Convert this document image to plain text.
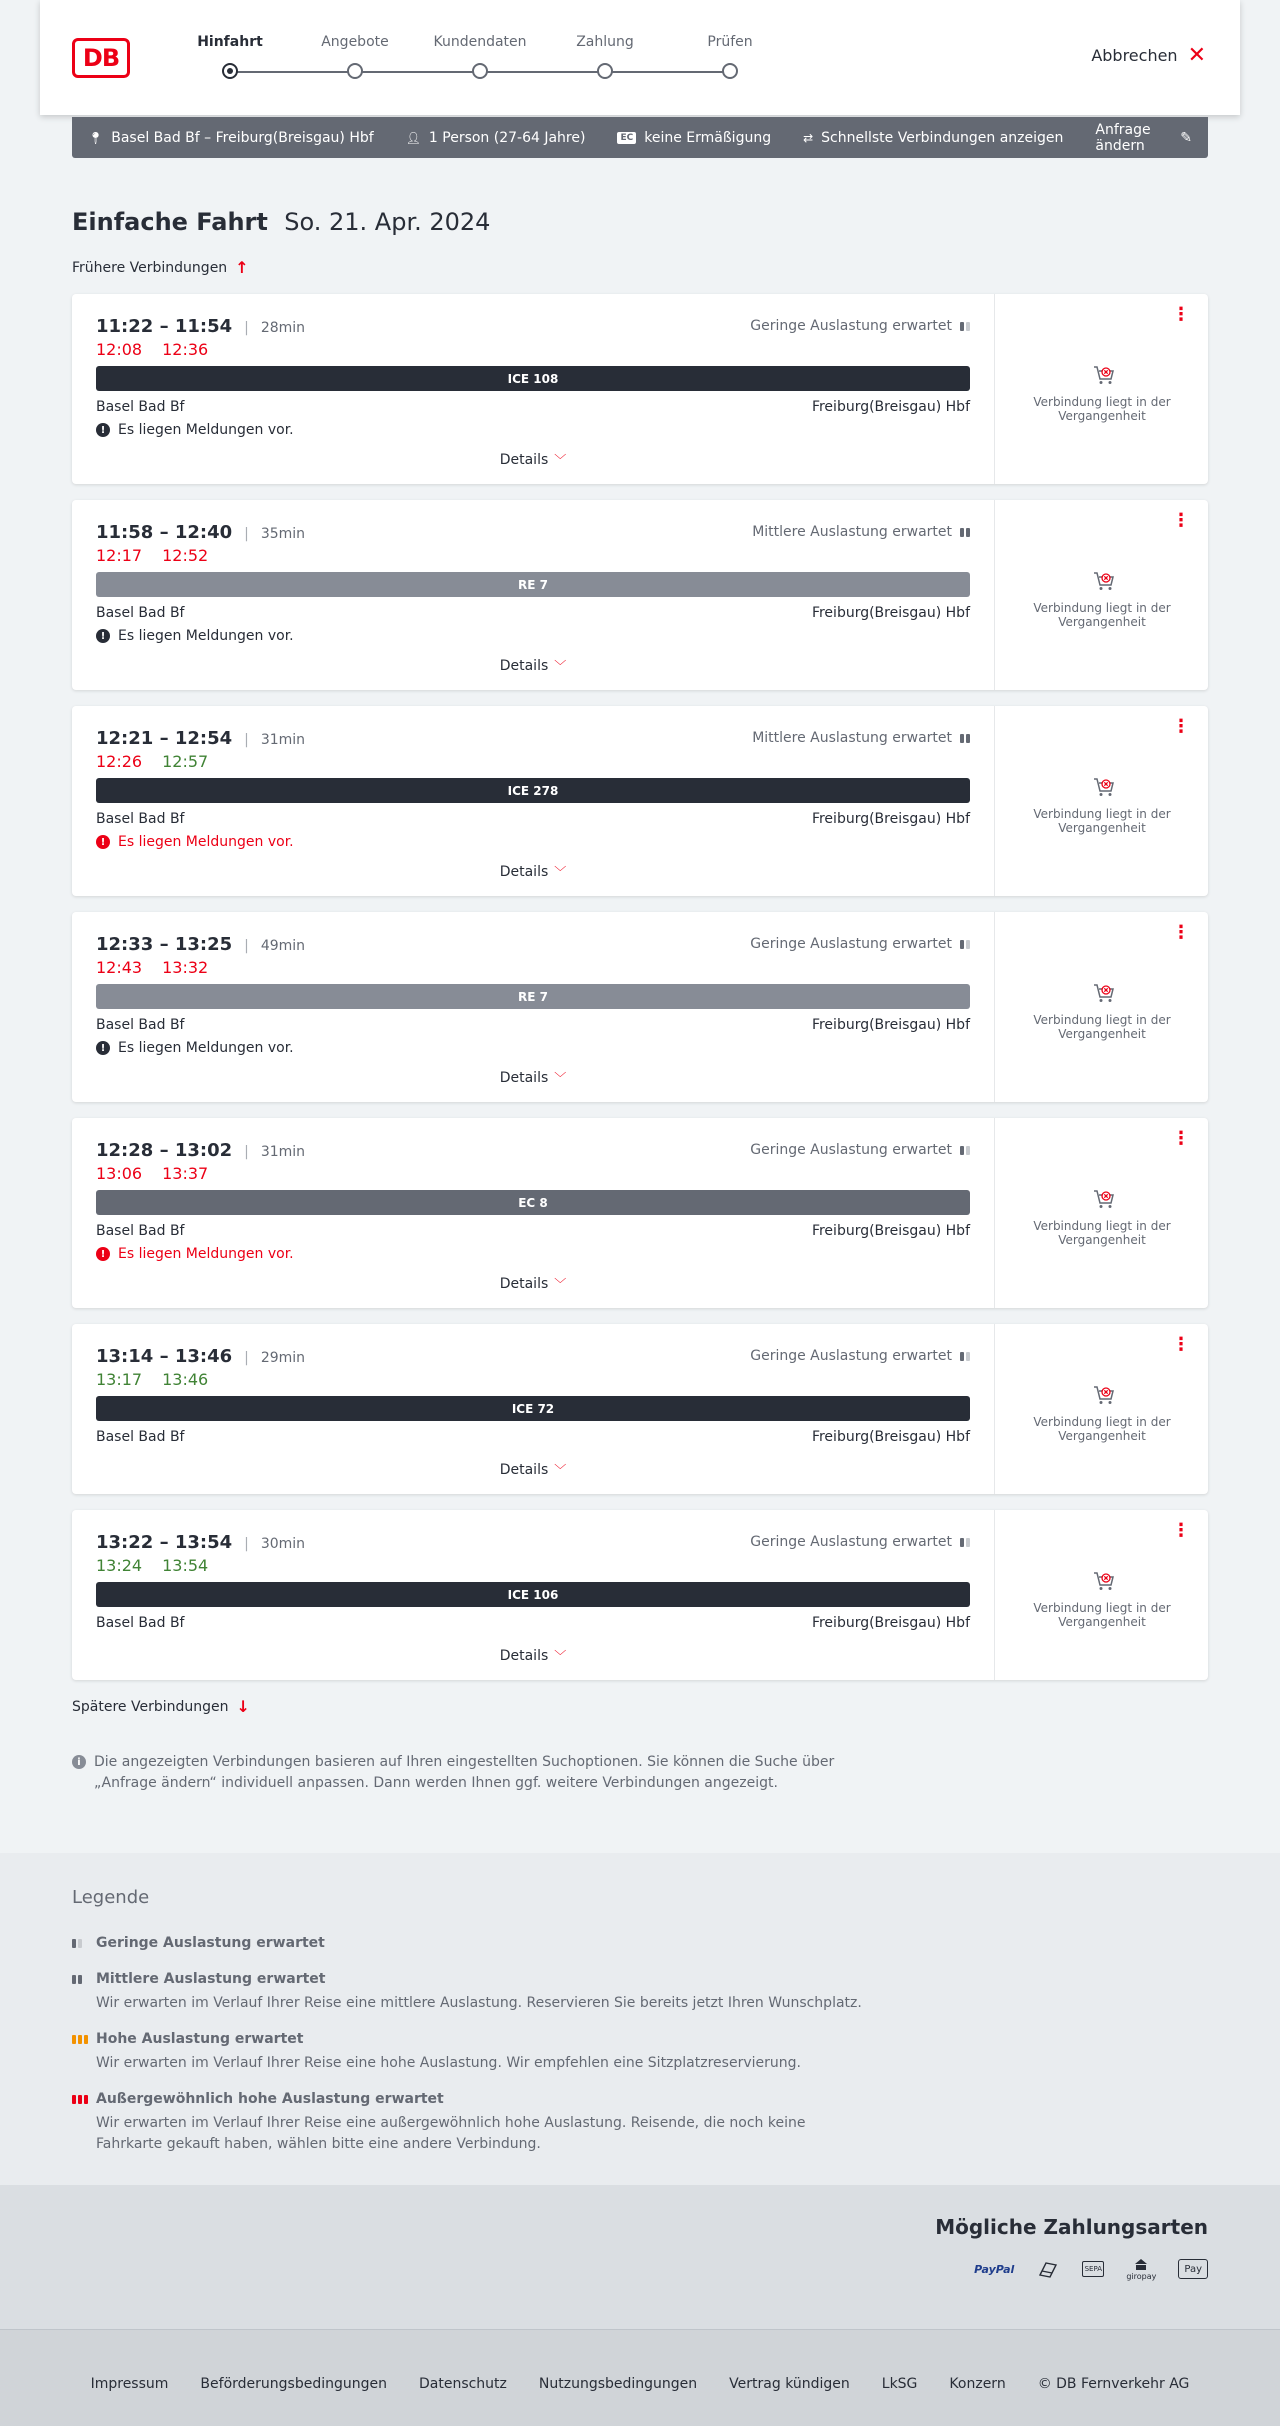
DB
Hinfahrt	Angebote	Kundendaten	Zahlung	Prüfen
Abbrechen ✕
📍︎ Basel Bad Bf – Freiburg(Breisgau) Hbf	👤︎ 1 Person (27-64 Jahre)	EC keine Ermäßigung	⇄ Schnellste Verbindungen anzeigen Anfrage ändern	✎
Einfache Fahrt So. 21. Apr. 2024
Frühere Verbindungen ↑
11:22 – 11:54 | 28min	Geringe Auslastung erwartet
12:08 12:36
ICE 108
Basel Bad Bf	Freiburg(Breisgau) Hbf
! Es liegen Meldungen vor.
Details ﹀
⋮
Verbindung liegt in der Vergangenheit
11:58 – 12:40 | 35min	Mittlere Auslastung erwartet
12:17 12:52
RE 7
Basel Bad Bf	Freiburg(Breisgau) Hbf
! Es liegen Meldungen vor.
Details ﹀
⋮
Verbindung liegt in der Vergangenheit
12:21 – 12:54 | 31min	Mittlere Auslastung erwartet
12:26 12:57
ICE 278
Basel Bad Bf	Freiburg(Breisgau) Hbf
! Es liegen Meldungen vor.
Details ﹀
⋮
Verbindung liegt in der Vergangenheit
12:33 – 13:25 | 49min	Geringe Auslastung erwartet
12:43 13:32
RE 7
Basel Bad Bf	Freiburg(Breisgau) Hbf
! Es liegen Meldungen vor.
Details ﹀
⋮
Verbindung liegt in der Vergangenheit
12:28 – 13:02 | 31min	Geringe Auslastung erwartet
13:06 13:37
EC 8
Basel Bad Bf	Freiburg(Breisgau) Hbf
! Es liegen Meldungen vor.
Details ﹀
⋮
Verbindung liegt in der Vergangenheit
13:14 – 13:46 | 29min	Geringe Auslastung erwartet
13:17 13:46
ICE 72
Basel Bad Bf	Freiburg(Breisgau) Hbf
Details ﹀
⋮
Verbindung liegt in der Vergangenheit
13:22 – 13:54 | 30min	Geringe Auslastung erwartet
13:24 13:54
ICE 106
Basel Bad Bf	Freiburg(Breisgau) Hbf
Details ﹀
⋮
Verbindung liegt in der Vergangenheit
Spätere Verbindungen ↓
i Die angezeigten Verbindungen basieren auf Ihren eingestellten Suchoptionen. Sie können die Suche über „Anfrage ändern“ individuell anpassen. Dann werden Ihnen ggf. weitere Verbindungen angezeigt.
Legende
Geringe Auslastung erwartet
Mittlere Auslastung erwartet
Wir erwarten im Verlauf Ihrer Reise eine mittlere Auslastung. Reservieren Sie bereits jetzt Ihren Wunschplatz.
Hohe Auslastung erwartet
Wir erwarten im Verlauf Ihrer Reise eine hohe Auslastung. Wir empfehlen eine Sitzplatzreservierung.
Außergewöhnlich hohe Auslastung erwartet
Wir erwarten im Verlauf Ihrer Reise eine außergewöhnlich hohe Auslastung. Reisende, die noch keine Fahrkarte gekauft haben, wählen bitte eine andere Verbindung.
Mögliche Zahlungsarten
PayPal	SEPA
giropay
Pay
Impressum Beförderungsbedingungen Datenschutz Nutzungsbedingungen Vertrag kündigen LkSG Konzern © DB Fernverkehr AG
